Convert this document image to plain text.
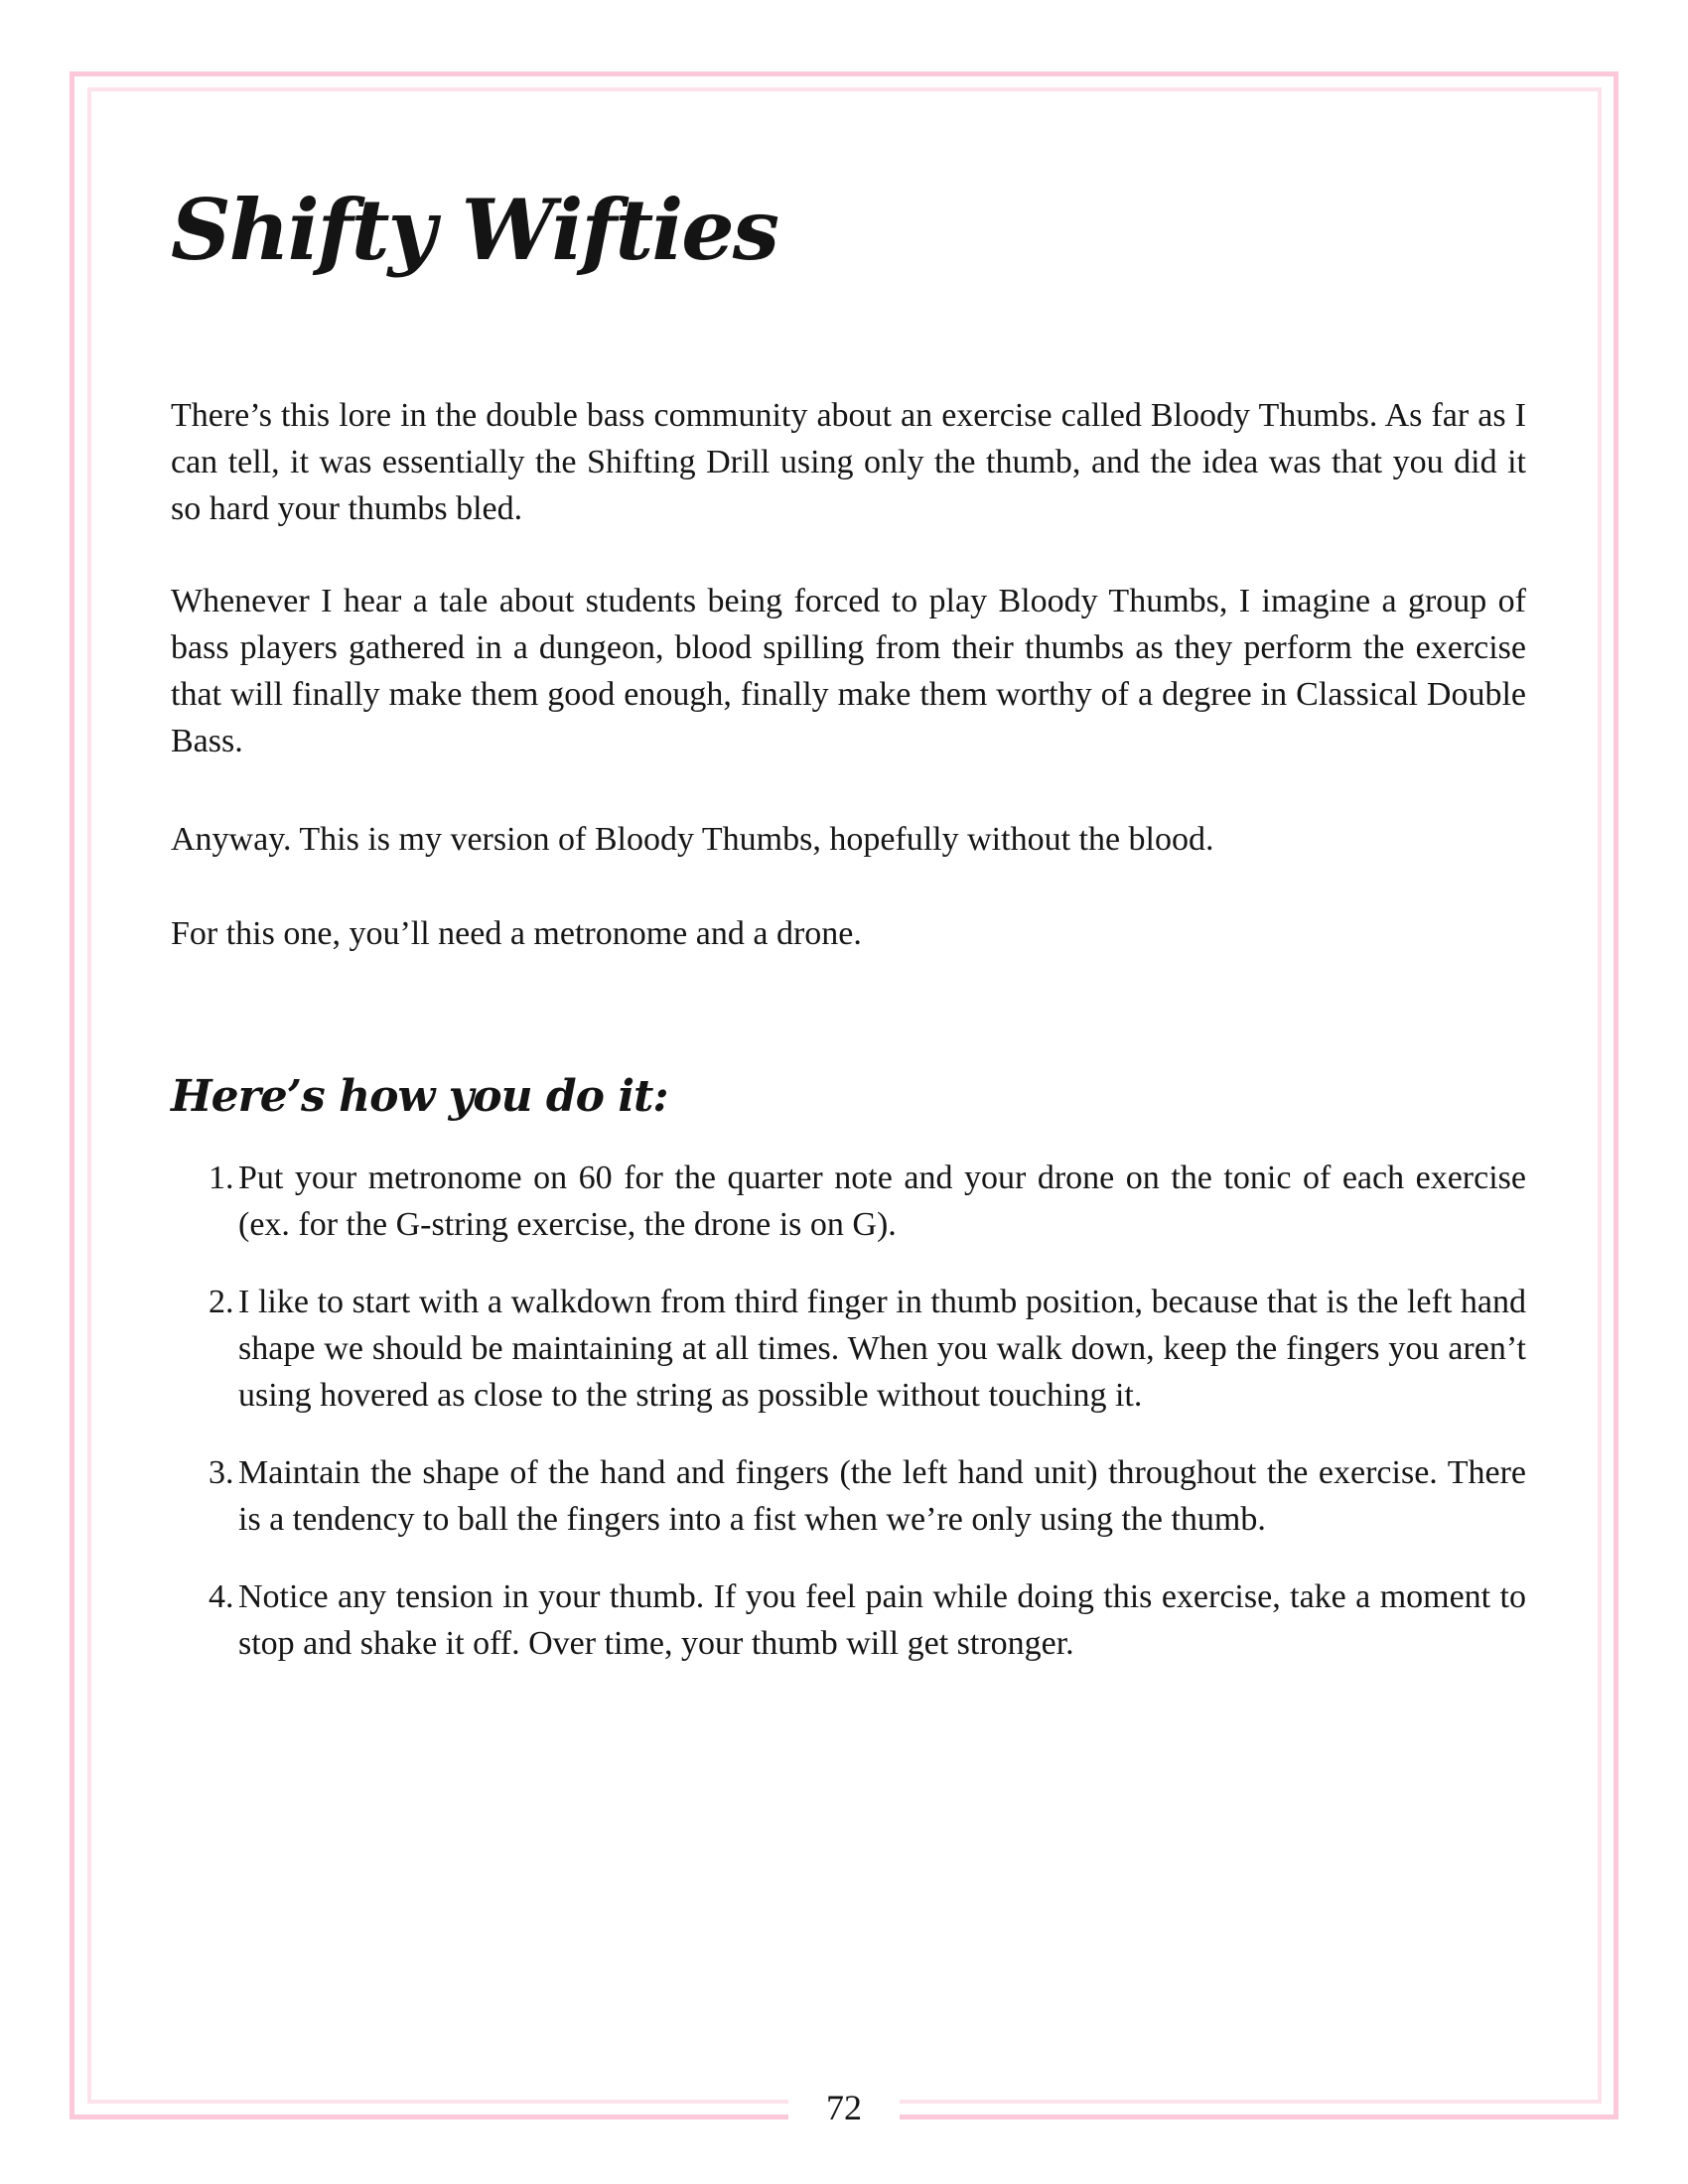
Shifty Wifties

There’s this lore in the double bass community about an exercise called Bloody Thumbs. As far as I can tell, it was essentially the Shifting Drill using only the thumb, and the idea was that you did it so hard your thumbs bled.

Whenever I hear a tale about students being forced to play Bloody Thumbs, I imagine a group of bass players gathered in a dungeon, blood spilling from their thumbs as they perform the exercise that will finally make them good enough, finally make them worthy of a degree in Classical Double Bass.

Anyway. This is my version of Bloody Thumbs, hopefully without the blood.

For this one, you’ll need a metronome and a drone.

Here’s how you do it:
1. Put your metronome on 60 for the quarter note and your drone on the tonic of each exercise (ex. for the G-string exercise, the drone is on G).
2. I like to start with a walkdown from third finger in thumb position, because that is the left hand shape we should be maintaining at all times. When you walk down, keep the fingers you aren’t using hovered as close to the string as possible without touching it.
3. Maintain the shape of the hand and fingers (the left hand unit) throughout the exercise. There is a tendency to ball the fingers into a fist when we’re only using the thumb.
4. Notice any tension in your thumb. If you feel pain while doing this exercise, take a moment to stop and shake it off. Over time, your thumb will get stronger.
72
